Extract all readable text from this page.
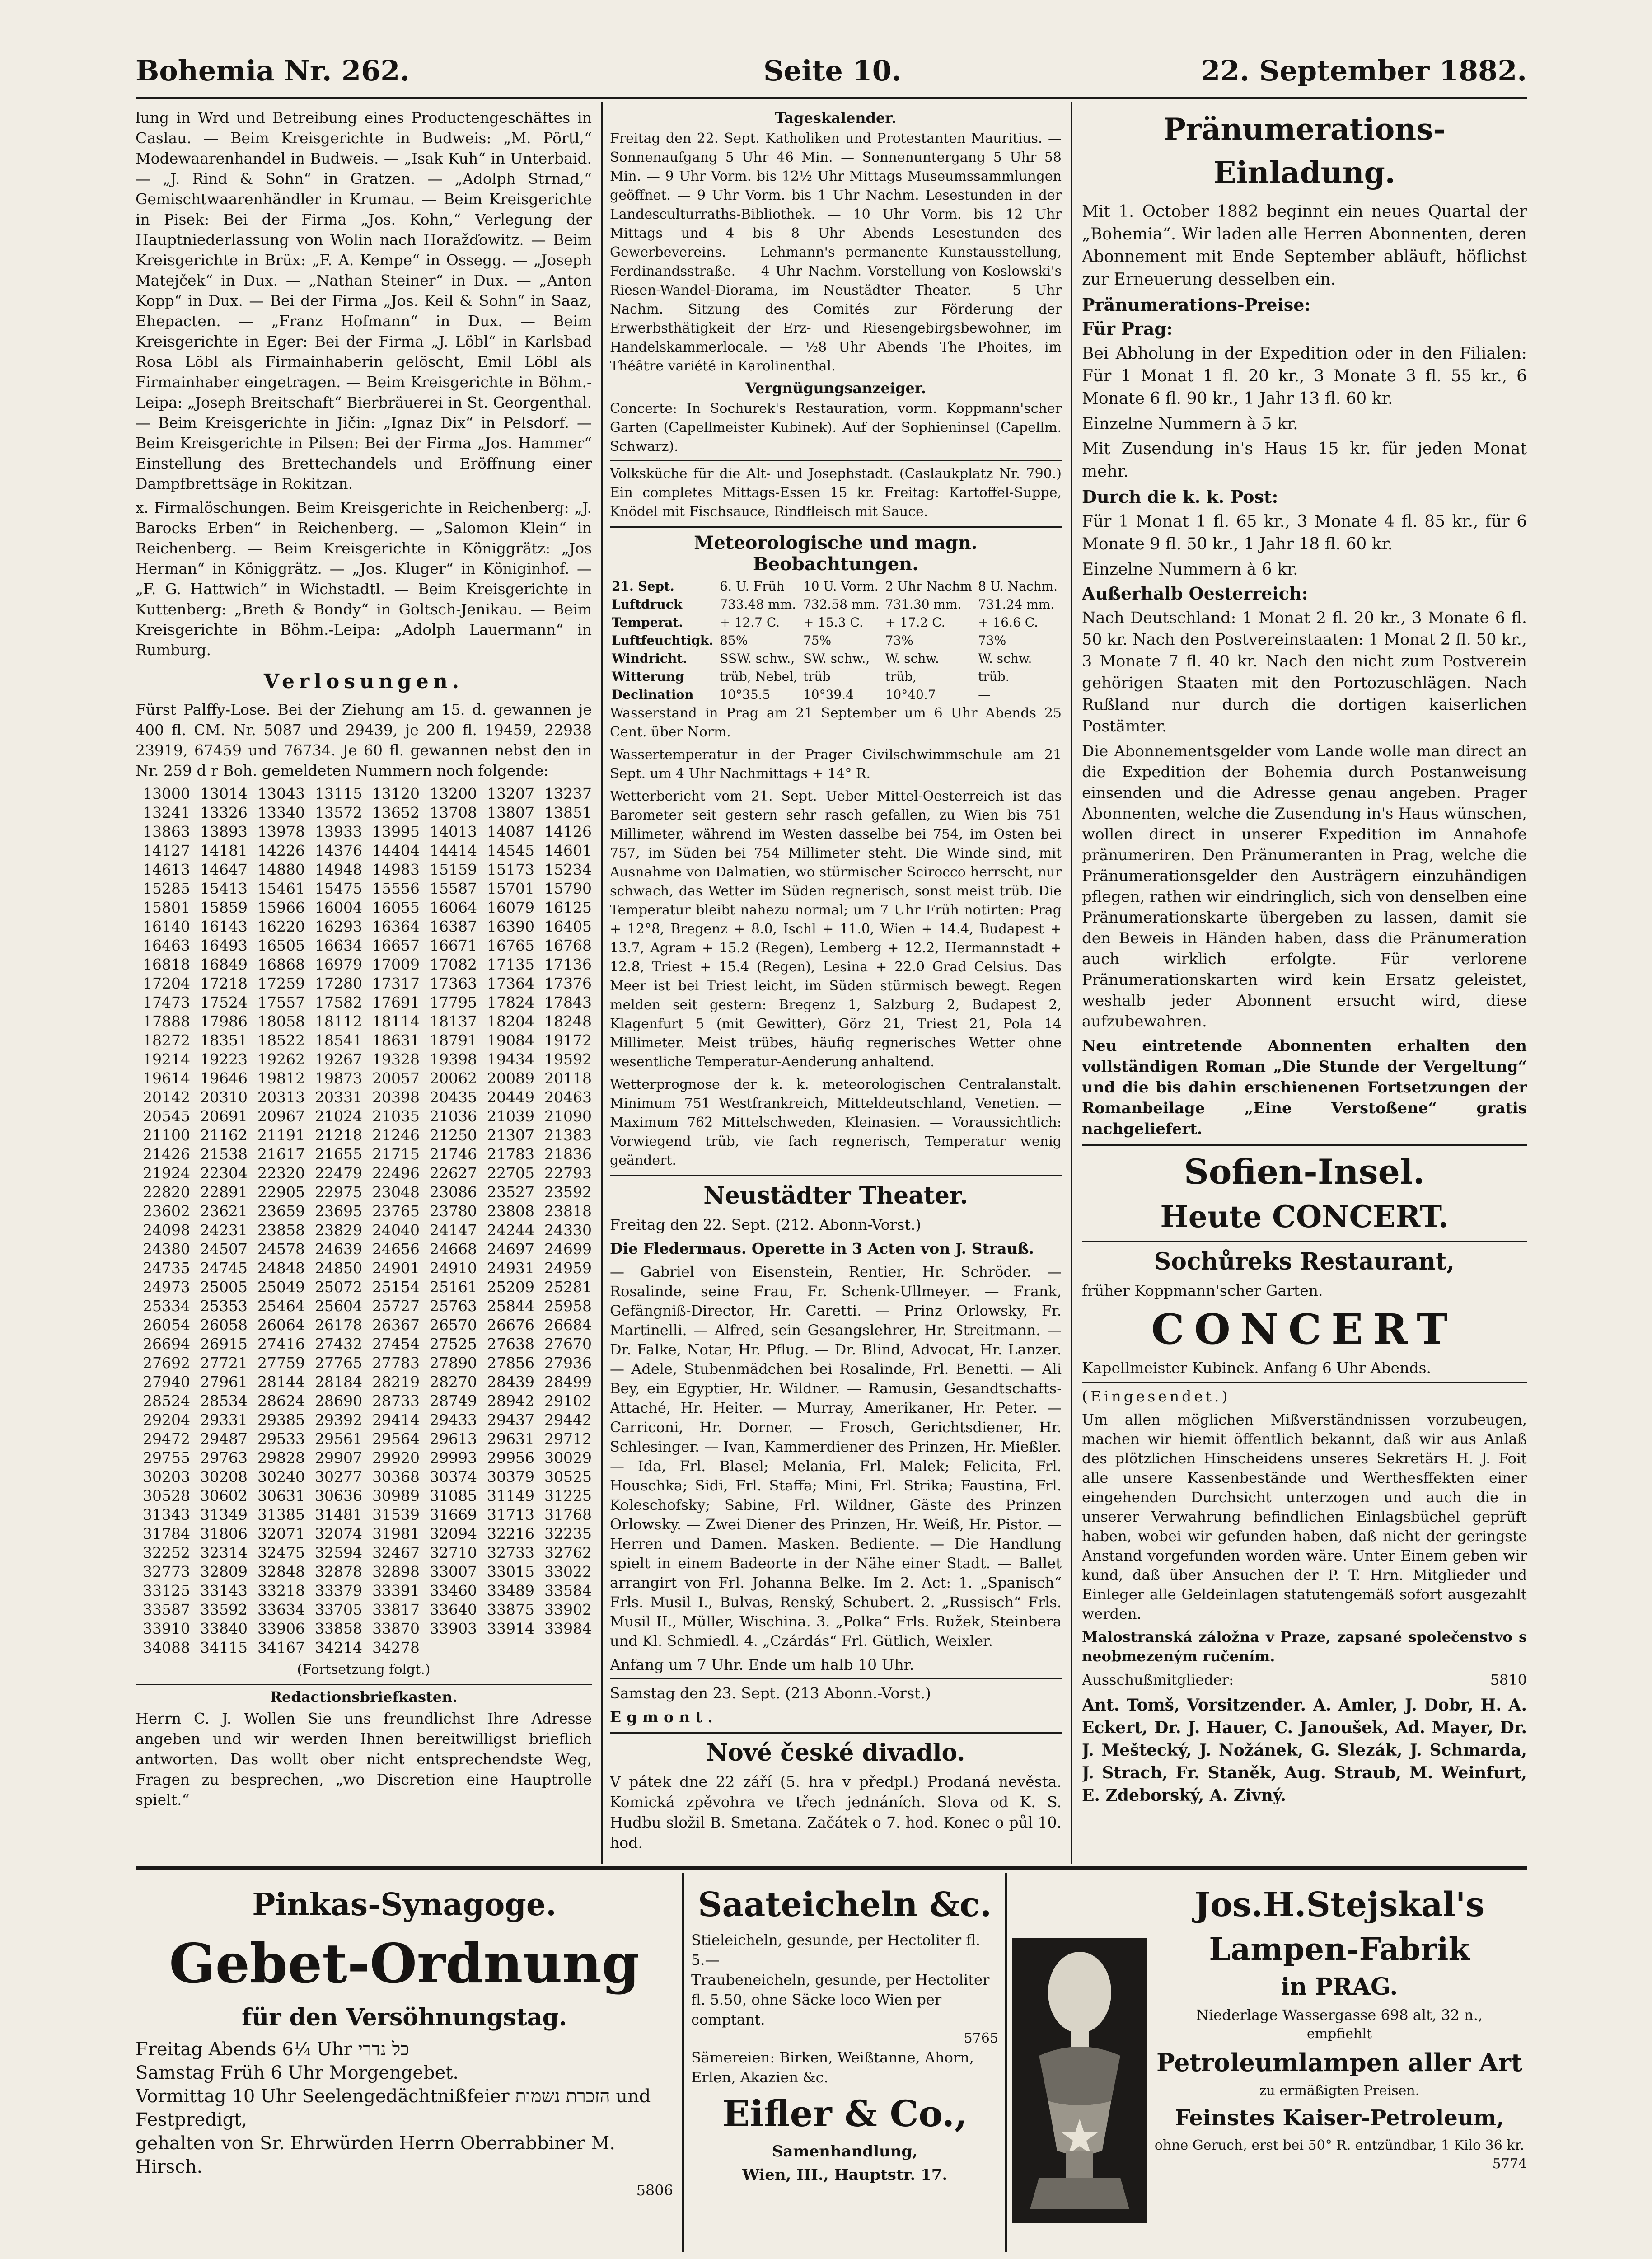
Bohemia Nr. 262.	Seite 10.	22. September 1882.

lung in Wrd und Betreibung eines Productengeschäftes in Caslau. — Beim Kreisgerichte in Budweis: „M. Pörtl,“ Modewaarenhandel in Budweis. — „Isak Kuh“ in Unterbaid. — „J. Rind & Sohn“ in Gratzen. — „Adolph Strnad,“ Gemischtwaarenhändler in Krumau. — Beim Kreisgerichte in Pisek: Bei der Firma „Jos. Kohn,“ Verlegung der Hauptniederlassung von Wolin nach Horažďowitz. — Beim Kreisgerichte in Brüx: „F. A. Kempe“ in Ossegg. — „Joseph Matejček“ in Dux. — „Nathan Steiner“ in Dux. — „Anton Kopp“ in Dux. — Bei der Firma „Jos. Keil & Sohn“ in Saaz, Ehepacten. — „Franz Hofmann“ in Dux. — Beim Kreisgerichte in Eger: Bei der Firma „J. Löbl“ in Karlsbad Rosa Löbl als Firmainhaberin gelöscht, Emil Löbl als Firmainhaber eingetragen. — Beim Kreisgerichte in Böhm.-Leipa: „Joseph Breitschaft“ Bierbräuerei in St. Georgenthal. — Beim Kreisgerichte in Jičin: „Ignaz Dix“ in Pelsdorf. — Beim Kreisgerichte in Pilsen: Bei der Firma „Jos. Hammer“ Einstellung des Brettechandels und Eröffnung einer Dampfbrettsäge in Rokitzan.

x. Firmalöschungen. Beim Kreisgerichte in Reichenberg: „J. Barocks Erben“ in Reichenberg. — „Salomon Klein“ in Reichenberg. — Beim Kreisgerichte in Königgrätz: „Jos Herman“ in Königgrätz. — „Jos. Kluger“ in Königinhof. — „F. G. Hattwich“ in Wichstadtl. — Beim Kreisgerichte in Kuttenberg: „Breth & Bondy“ in Goltsch-Jenikau. — Beim Kreisgerichte in Böhm.-Leipa: „Adolph Lauermann“ in Rumburg.

Verlosungen.

Fürst Palffy-Lose. Bei der Ziehung am 15. d. gewannen je 400 fl. CM. Nr. 5087 und 29439, je 200 fl. 19459, 22938 23919, 67459 und 76734. Je 60 fl. gewannen nebst den in Nr. 259 d r Boh. gemeldeten Nummern noch folgende:

13000 13014 13043 13115 13120 13200 13207 13237
13241 13326 13340 13572 13652 13708 13807 13851
13863 13893 13978 13933 13995 14013 14087 14126
14127 14181 14226 14376 14404 14414 14545 14601
14613 14647 14880 14948 14983 15159 15173 15234
15285 15413 15461 15475 15556 15587 15701 15790
15801 15859 15966 16004 16055 16064 16079 16125
16140 16143 16220 16293 16364 16387 16390 16405
16463 16493 16505 16634 16657 16671 16765 16768
16818 16849 16868 16979 17009 17082 17135 17136
17204 17218 17259 17280 17317 17363 17364 17376
17473 17524 17557 17582 17691 17795 17824 17843
17888 17986 18058 18112 18114 18137 18204 18248
18272 18351 18522 18541 18631 18791 19084 19172
19214 19223 19262 19267 19328 19398 19434 19592
19614 19646 19812 19873 20057 20062 20089 20118
20142 20310 20313 20331 20398 20435 20449 20463
20545 20691 20967 21024 21035 21036 21039 21090
21100 21162 21191 21218 21246 21250 21307 21383
21426 21538 21617 21655 21715 21746 21783 21836
21924 22304 22320 22479 22496 22627 22705 22793
22820 22891 22905 22975 23048 23086 23527 23592
23602 23621 23659 23695 23765 23780 23808 23818
24098 24231 23858 23829 24040 24147 24244 24330
24380 24507 24578 24639 24656 24668 24697 24699
24735 24745 24848 24850 24901 24910 24931 24959
24973 25005 25049 25072 25154 25161 25209 25281
25334 25353 25464 25604 25727 25763 25844 25958
26054 26058 26064 26178 26367 26570 26676 26684
26694 26915 27416 27432 27454 27525 27638 27670
27692 27721 27759 27765 27783 27890 27856 27936
27940 27961 28144 28184 28219 28270 28439 28499
28524 28534 28624 28690 28733 28749 28942 29102
29204 29331 29385 29392 29414 29433 29437 29442
29472 29487 29533 29561 29564 29613 29631 29712
29755 29763 29828 29907 29920 29993 29956 30029
30203 30208 30240 30277 30368 30374 30379 30525
30528 30602 30631 30636 30989 31085 31149 31225
31343 31349 31385 31481 31539 31669 31713 31768
31784 31806 32071 32074 31981 32094 32216 32235
32252 32314 32475 32594 32467 32710 32733 32762
32773 32809 32848 32878 32898 33007 33015 33022
33125 33143 33218 33379 33391 33460 33489 33584
33587 33592 33634 33705 33817 33640 33875 33902
33910 33840 33906 33858 33870 33903 33914 33984
34088 34115 34167 34214 34278
(Fortsetzung folgt.)
Redactionsbriefkasten.

Herrn C. J. Wollen Sie uns freundlichst Ihre Adresse angeben und wir werden Ihnen bereitwilligst brieflich antworten. Das wollt ober nicht entsprechendste Weg, Fragen zu besprechen, „wo Discretion eine Hauptrolle spielt.“

Tageskalender.

Freitag den 22. Sept. Katholiken und Protestanten Mauritius. — Sonnenaufgang 5 Uhr 46 Min. — Sonnenuntergang 5 Uhr 58 Min. — 9 Uhr Vorm. bis 12½ Uhr Mittags Museumssammlungen geöffnet. — 9 Uhr Vorm. bis 1 Uhr Nachm. Lesestunden in der Landesculturraths-Bibliothek. — 10 Uhr Vorm. bis 12 Uhr Mittags und 4 bis 8 Uhr Abends Lesestunden des Gewerbevereins. — Lehmann's permanente Kunstausstellung, Ferdinandsstraße. — 4 Uhr Nachm. Vorstellung von Koslowski's Riesen-Wandel-Diorama, im Neustädter Theater. — 5 Uhr Nachm. Sitzung des Comités zur Förderung der Erwerbsthätigkeit der Erz- und Riesengebirgsbewohner, im Handelskammerlocale. — ½8 Uhr Abends The Phoites, im Théâtre variété in Karolinenthal.

Vergnügungsanzeiger.

Concerte: In Sochurek's Restauration, vorm. Koppmann'scher Garten (Capellmeister Kubinek). Auf der Sophieninsel (Capellm. Schwarz).

Volksküche für die Alt- und Josephstadt. (Caslaukplatz Nr. 790.) Ein completes Mittags-Essen 15 kr. Freitag: Kartoffel-Suppe, Knödel mit Fischsauce, Rindfleisch mit Sauce.

Meteorologische und magn. Beobachtungen.
21. Sept.	6. U. Früh	10 U. Vorm.	2 Uhr Nachm	8 U. Nachm.
Luftdruck	733.48 mm.	732.58 mm.	731.30 mm.	731.24 mm.
Temperat.	+ 12.7 C.	+ 15.3 C.	+ 17.2 C.	+ 16.6 C.
Luftfeuchtigk.	85%	75%	73%	73%
Windricht.	SSW. schw.,	SW. schw.,	W. schw.	W. schw.
Witterung	trüb, Nebel,	trüb	trüb,	trüb.
Declination	10°35.5	10°39.4	10°40.7	—

Wasserstand in Prag am 21 September um 6 Uhr Abends 25 Cent. über Norm.

Wassertemperatur in der Prager Civilschwimmschule am 21 Sept. um 4 Uhr Nachmittags + 14° R.

Wetterbericht vom 21. Sept. Ueber Mittel-Oesterreich ist das Barometer seit gestern sehr rasch gefallen, zu Wien bis 751 Millimeter, während im Westen dasselbe bei 754, im Osten bei 757, im Süden bei 754 Millimeter steht. Die Winde sind, mit Ausnahme von Dalmatien, wo stürmischer Scirocco herrscht, nur schwach, das Wetter im Süden regnerisch, sonst meist trüb. Die Temperatur bleibt nahezu normal; um 7 Uhr Früh notirten: Prag + 12°8, Bregenz + 8.0, Ischl + 11.0, Wien + 14.4, Budapest + 13.7, Agram + 15.2 (Regen), Lemberg + 12.2, Hermannstadt + 12.8, Triest + 15.4 (Regen), Lesina + 22.0 Grad Celsius. Das Meer ist bei Triest leicht, im Süden stürmisch bewegt. Regen melden seit gestern: Bregenz 1, Salzburg 2, Budapest 2, Klagenfurt 5 (mit Gewitter), Görz 21, Triest 21, Pola 14 Millimeter. Meist trübes, häufig regnerisches Wetter ohne wesentliche Temperatur-Aenderung anhaltend.

Wetterprognose der k. k. meteorologischen Centralanstalt. Minimum 751 Westfrankreich, Mitteldeutschland, Venetien. — Maximum 762 Mittelschweden, Kleinasien. — Voraussichtlich: Vorwiegend trüb, vie fach regnerisch, Temperatur wenig geändert.

Neustädter Theater.

Freitag den 22. Sept. (212. Abonn-Vorst.)

Die Fledermaus. Operette in 3 Acten von J. Strauß.

— Gabriel von Eisenstein, Rentier, Hr. Schröder. — Rosalinde, seine Frau, Fr. Schenk-Ullmeyer. — Frank, Gefängniß-Director, Hr. Caretti. — Prinz Orlowsky, Fr. Martinelli. — Alfred, sein Gesangslehrer, Hr. Streitmann. — Dr. Falke, Notar, Hr. Pflug. — Dr. Blind, Advocat, Hr. Lanzer. — Adele, Stubenmädchen bei Rosalinde, Frl. Benetti. — Ali Bey, ein Egyptier, Hr. Wildner. — Ramusin, Gesandtschafts-Attaché, Hr. Heiter. — Murray, Amerikaner, Hr. Peter. — Carriconi, Hr. Dorner. — Frosch, Gerichtsdiener, Hr. Schlesinger. — Ivan, Kammerdiener des Prinzen, Hr. Mießler. — Ida, Frl. Blasel; Melania, Frl. Malek; Felicita, Frl. Houschka; Sidi, Frl. Staffa; Mini, Frl. Strika; Faustina, Frl. Koleschofsky; Sabine, Frl. Wildner, Gäste des Prinzen Orlowsky. — Zwei Diener des Prinzen, Hr. Weiß, Hr. Pistor. — Herren und Damen. Masken. Bediente. — Die Handlung spielt in einem Badeorte in der Nähe einer Stadt. — Ballet arrangirt von Frl. Johanna Belke. Im 2. Act: 1. „Spanisch“ Frls. Musil I., Bulvas, Renský, Schubert. 2. „Russisch“ Frls. Musil II., Müller, Wischina. 3. „Polka“ Frls. Ružek, Steinbera und Kl. Schmiedl. 4. „Czárdás“ Frl. Gütlich, Weixler.

Anfang um 7 Uhr. Ende um halb 10 Uhr.

Samstag den 23. Sept. (213 Abonn.-Vorst.)

Egmont.

Nové české divadlo.

V pátek dne 22 září (5. hra v předpl.) Prodaná nevěsta. Komická zpěvohra ve třech jednáních. Slova od K. S. Hudbu složil B. Smetana. Začátek o 7. hod. Konec o půl 10. hod.

Pränumerations-Einladung.

Mit 1. October 1882 beginnt ein neues Quartal der „Bohemia“. Wir laden alle Herren Abonnenten, deren Abonnement mit Ende September abläuft, höflichst zur Erneuerung desselben ein.

Pränumerations-Preise:

Für Prag:

Bei Abholung in der Expedition oder in den Filialen: Für 1 Monat 1 fl. 20 kr., 3 Monate 3 fl. 55 kr., 6 Monate 6 fl. 90 kr., 1 Jahr 13 fl. 60 kr.

Einzelne Nummern à 5 kr.

Mit Zusendung in's Haus 15 kr. für jeden Monat mehr.

Durch die k. k. Post:

Für 1 Monat 1 fl. 65 kr., 3 Monate 4 fl. 85 kr., für 6 Monate 9 fl. 50 kr., 1 Jahr 18 fl. 60 kr.

Einzelne Nummern à 6 kr.

Außerhalb Oesterreich:

Nach Deutschland: 1 Monat 2 fl. 20 kr., 3 Monate 6 fl. 50 kr. Nach den Postvereinstaaten: 1 Monat 2 fl. 50 kr., 3 Monate 7 fl. 40 kr. Nach den nicht zum Postverein gehörigen Staaten mit den Portozuschlägen. Nach Rußland nur durch die dortigen kaiserlichen Postämter.

Die Abonnementsgelder vom Lande wolle man direct an die Expedition der Bohemia durch Postanweisung einsenden und die Adresse genau angeben. Prager Abonnenten, welche die Zusendung in's Haus wünschen, wollen direct in unserer Expedition im Annahofe pränumeriren. Den Pränumeranten in Prag, welche die Pränumerationsgelder den Austrägern einzuhändigen pflegen, rathen wir eindringlich, sich von denselben eine Pränumerationskarte übergeben zu lassen, damit sie den Beweis in Händen haben, dass die Pränumeration auch wirklich erfolgte. Für verlorene Pränumerationskarten wird kein Ersatz geleistet, weshalb jeder Abonnent ersucht wird, diese aufzubewahren.

Neu eintretende Abonnenten erhalten den vollständigen Roman „Die Stunde der Vergeltung“ und die bis dahin erschienenen Fortsetzungen der Romanbeilage „Eine Verstoßene“ gratis nachgeliefert.

Sofien-Insel.
Heute CONCERT.
Sochůreks Restaurant,

früher Koppmann'scher Garten.

CONCERT

Kapellmeister Kubinek. Anfang 6 Uhr Abends.

(Eingesendet.)

Um allen möglichen Mißverständnissen vorzubeugen, machen wir hiemit öffentlich bekannt, daß wir aus Anlaß des plötzlichen Hinscheidens unseres Sekretärs H. J. Foit alle unsere Kassenbestände und Werthesffekten einer eingehenden Durchsicht unterzogen und auch die in unserer Verwahrung befindlichen Einlagsbüchel geprüft haben, wobei wir gefunden haben, daß nicht der geringste Anstand vorgefunden worden wäre. Unter Einem geben wir kund, daß über Ansuchen der P. T. Hrn. Mitglieder und Einleger alle Geldeinlagen statutengemäß sofort ausgezahlt werden.

Malostranská záložna v Praze, zapsané společenstvo s neobmezeným ručením.

Ausschußmitglieder:	5810

Ant. Tomš, Vorsitzender. A. Amler, J. Dobr, H. A. Eckert, Dr. J. Hauer, C. Janoušek, Ad. Mayer, Dr. J. Meštecký, J. Nožánek, G. Slezák, J. Schmarda, J. Strach, Fr. Staněk, Aug. Straub, M. Weinfurt, E. Zdeborský, A. Zivný.

Pinkas-Synagoge.
Gebet-Ordnung
für den Versöhnungstag.
Freitag Abends 6¼ Uhr כל נדרי
Samstag Früh 6 Uhr Morgengebet.
Vormittag 10 Uhr Seelengedächtnißfeier הזכרת נשמות und Festpredigt,
gehalten von Sr. Ehrwürden Herrn Oberrabbiner M. Hirsch.
5806
Saateicheln &c.
Stieleicheln, gesunde, per Hectoliter fl. 5.—
Traubeneicheln, gesunde, per Hectoliter fl. 5.50, ohne Säcke loco Wien per comptant.
5765
Sämereien: Birken, Weißtanne, Ahorn, Erlen, Akazien &c.
Eifler & Co.,
Samenhandlung,
Wien, III., Hauptstr. 17.
Jos.H.Stejskal's
Lampen-Fabrik
in PRAG.
Niederlage Wassergasse 698 alt, 32 n.,
empfiehlt
Petroleumlampen aller Art
zu ermäßigten Preisen.
Feinstes Kaiser-Petroleum,
ohne Geruch, erst bei 50° R. entzündbar, 1 Kilo 36 kr.
5774
